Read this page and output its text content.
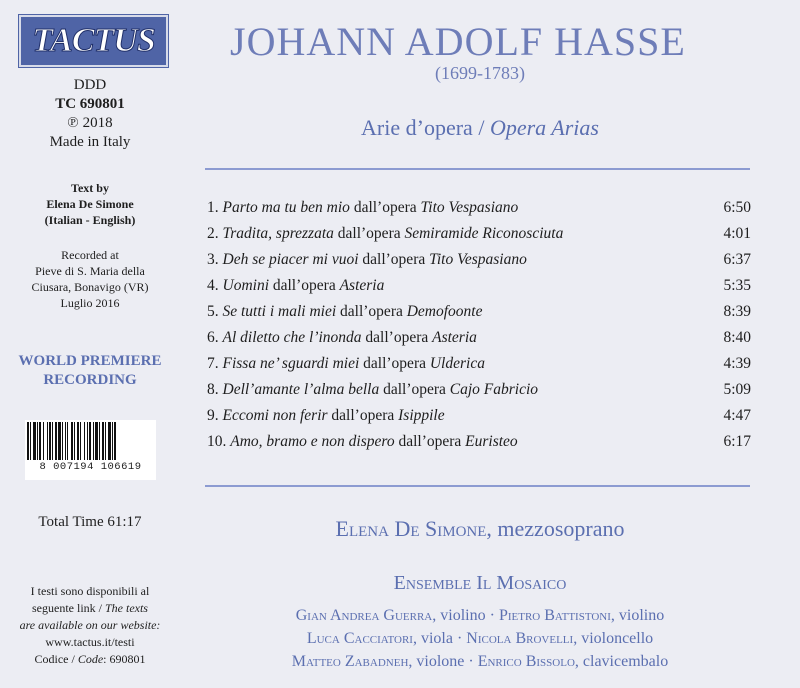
TACTUS
DDD
TC 690801
℗ 2018
Made in Italy
Text by
Elena De Simone
(Italian - English)
Recorded at
Pieve di S. Maria della
Ciusara, Bonavigo (VR)
Luglio 2016
WORLD PREMIERE
RECORDING
8 007194 106619
Total Time 61:17
I testi sono disponibili al
seguente link / The texts
are available on our website:
www.tactus.it/testi
Codice / Code: 690801
JOHANN ADOLF HASSE
(1699-1783)
Arie d’opera / Opera Arias
1. Parto ma tu ben mio dall’opera Tito Vespasiano	6:50
2. Tradita, sprezzata dall’opera Semiramide Riconosciuta	4:01
3. Deh se piacer mi vuoi dall’opera Tito Vespasiano	6:37
4. Uomini dall’opera Asteria	5:35
5. Se tutti i mali miei dall’opera Demofoonte	8:39
6. Al diletto che l’inonda dall’opera Asteria	8:40
7. Fissa ne’ sguardi miei dall’opera Ulderica	4:39
8. Dell’amante l’alma bella dall’opera Cajo Fabricio	5:09
9. Eccomi non ferir dall’opera Isippile	4:47
10. Amo, bramo e non dispero dall’opera Euristeo	6:17
Elena De Simone, mezzosoprano
Ensemble Il Mosaico
Gian Andrea Guerra, violino · Pietro Battistoni, violino
Luca Cacciatori, viola · Nicola Brovelli, violoncello
Matteo Zabadneh, violone · Enrico Bissolo, clavicembalo
